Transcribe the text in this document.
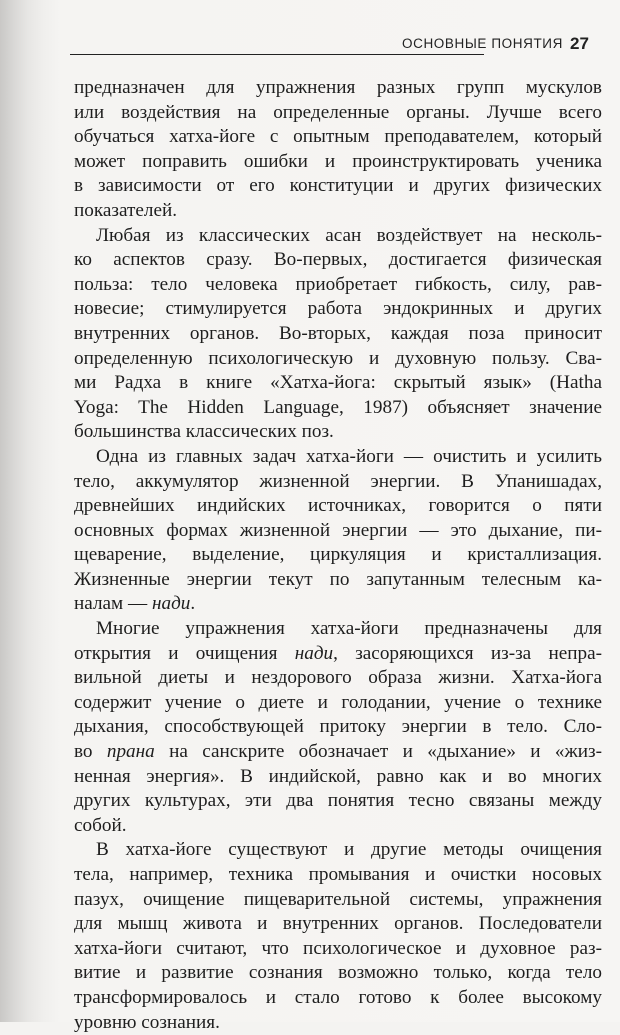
ОСНОВНЫЕ ПОНЯТИЯ 27
предназначен для упражнения разных групп мускулов
или воздействия на определенные органы. Лучше всего
обучаться хатха-йоге с опытным преподавателем, который
может поправить ошибки и проинструктировать ученика
в зависимости от его конституции и других физических
показателей.
Любая из классических асан воздействует на несколь-
ко аспектов сразу. Во-первых, достигается физическая
польза: тело человека приобретает гибкость, силу, рав-
новесие; стимулируется работа эндокринных и других
внутренних органов. Во-вторых, каждая поза приносит
определенную психологическую и духовную пользу. Сва-
ми Радха в книге «Хатха-йога: скрытый язык» (Hatha
Yoga: The Hidden Language, 1987) объясняет значение
большинства классических поз.
Одна из главных задач хатха-йоги — очистить и усилить
тело, аккумулятор жизненной энергии. В Упанишадах,
древнейших индийских источниках, говорится о пяти
основных формах жизненной энергии — это дыхание, пи-
щеварение, выделение, циркуляция и кристаллизация.
Жизненные энергии текут по запутанным телесным ка-
налам — нади.
Многие упражнения хатха-йоги предназначены для
открытия и очищения нади, засоряющихся из-за непра-
вильной диеты и нездорового образа жизни. Хатха-йога
содержит учение о диете и голодании, учение о технике
дыхания, способствующей притоку энергии в тело. Сло-
во прана на санскрите обозначает и «дыхание» и «жиз-
ненная энергия». В индийской, равно как и во многих
других культурах, эти два понятия тесно связаны между
собой.
В хатха-йоге существуют и другие методы очищения
тела, например, техника промывания и очистки носовых
пазух, очищение пищеварительной системы, упражнения
для мышц живота и внутренних органов. Последователи
хатха-йоги считают, что психологическое и духовное раз-
витие и развитие сознания возможно только, когда тело
трансформировалось и стало готово к более высокому
уровню сознания.
